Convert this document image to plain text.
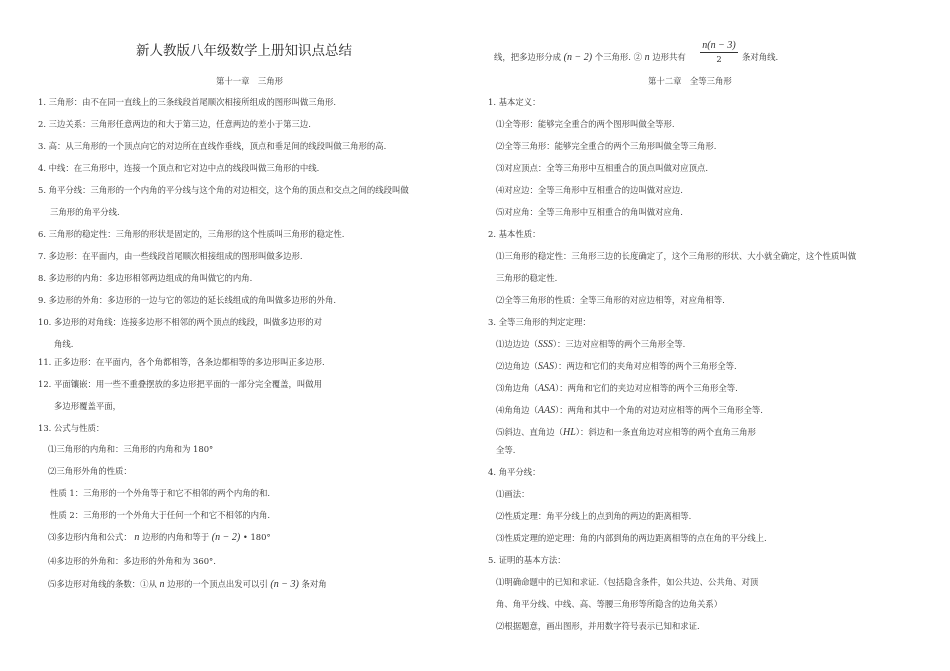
新人教版八年级数学上册知识点总结
第十一章　三角形
1. 三角形：由不在同一直线上的三条线段首尾顺次相接所组成的图形叫做三角形.
2. 三边关系：三角形任意两边的和大于第三边，任意两边的差小于第三边.
3. 高：从三角形的一个顶点向它的对边所在直线作垂线，顶点和垂足间的线段叫做三角形的高.
4. 中线：在三角形中，连接一个顶点和它对边中点的线段叫做三角形的中线.
5. 角平分线：三角形的一个内角的平分线与这个角的对边相交，这个角的顶点和交点之间的线段叫做
三角形的角平分线.
6. 三角形的稳定性：三角形的形状是固定的，三角形的这个性质叫三角形的稳定性.
7. 多边形：在平面内，由一些线段首尾顺次相接组成的图形叫做多边形.
8. 多边形的内角：多边形相邻两边组成的角叫做它的内角.
9. 多边形的外角：多边形的一边与它的邻边的延长线组成的角叫做多边形的外角.
10. 多边形的对角线：连接多边形不相邻的两个顶点的线段，叫做多边形的对
角线.
11. 正多边形：在平面内，各个角都相等，各条边都相等的多边形叫正多边形.
12. 平面镶嵌：用一些不重叠摆放的多边形把平面的一部分完全覆盖，叫做用
多边形覆盖平面，
13. 公式与性质：
⑴三角形的内角和：三角形的内角和为 180°
⑵三角形外角的性质：
性质 1：三角形的一个外角等于和它不相邻的两个内角的和.
性质 2：三角形的一个外角大于任何一个和它不相邻的内角.
⑶多边形内角和公式： n 边形的内角和等于 (n − 2) • 180°
⑷多边形的外角和：多边形的外角和为 360°.
⑸多边形对角线的条数：①从 n 边形的一个顶点出发可以引 (n − 3) 条对角
线，把多边形分成 (n − 2) 个三角形. ② n 边形共有
n(n − 3)
2	条对角线.
第十二章　全等三角形
1. 基本定义：
⑴全等形：能够完全重合的两个图形叫做全等形.
⑵全等三角形：能够完全重合的两个三角形叫做全等三角形.
⑶对应顶点：全等三角形中互相重合的顶点叫做对应顶点.
⑷对应边：全等三角形中互相重合的边叫做对应边.
⑸对应角：全等三角形中互相重合的角叫做对应角.
2. 基本性质：
⑴三角形的稳定性：三角形三边的长度确定了，这个三角形的形状、大小就全确定，这个性质叫做
三角形的稳定性.
⑵全等三角形的性质：全等三角形的对应边相等，对应角相等.
3. 全等三角形的判定定理：
⑴边边边（SSS）：三边对应相等的两个三角形全等.
⑵边角边（SAS）：两边和它们的夹角对应相等的两个三角形全等.
⑶角边角（ASA）：两角和它们的夹边对应相等的两个三角形全等.
⑷角角边（AAS）：两角和其中一个角的对边对应相等的两个三角形全等.
⑸斜边、直角边（HL）：斜边和一条直角边对应相等的两个直角三角形
全等.
4. 角平分线：
⑴画法：
⑵性质定理：角平分线上的点到角的两边的距离相等.
⑶性质定理的逆定理：角的内部到角的两边距离相等的点在角的平分线上.
5. 证明的基本方法：
⑴明确命题中的已知和求证.（包括隐含条件，如公共边、公共角、对顶
角、角平分线、中线、高、等腰三角形等所隐含的边角关系）
⑵根据题意，画出图形，并用数字符号表示已知和求证.
